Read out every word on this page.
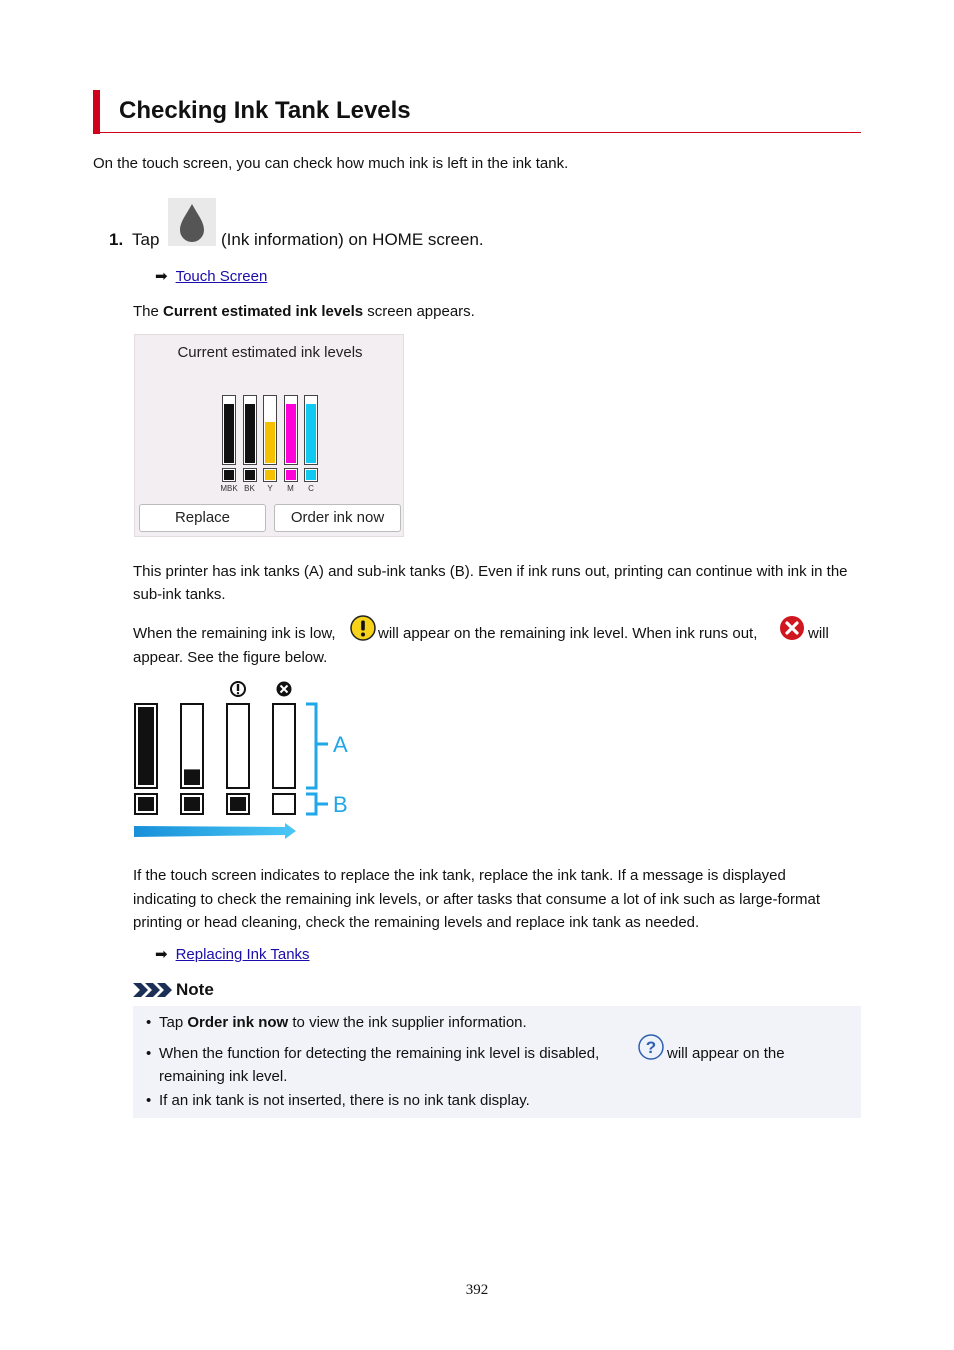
Checking Ink Tank Levels
On the touch screen, you can check how much ink is left in the ink tank.
1. Tap	(Ink information) on HOME screen.
➡ Touch Screen
The Current estimated ink levels screen appears.
Current estimated ink levels
MBK BK	Y	M	C
Replace	Order ink now
This printer has ink tanks (A) and sub-ink tanks (B). Even if ink runs out, printing can continue with ink in the sub-ink tanks.
When the remaining ink is low,	will appear on the remaining ink level. When ink runs out,	will
appear. See the figure below.
A
B
If the touch screen indicates to replace the ink tank, replace the ink tank. If a message is displayed
indicating to check the remaining ink levels, or after tasks that consume a lot of ink such as large-format
printing or head cleaning, check the remaining levels and replace ink tank as needed.
➡ Replacing Ink Tanks
Note
• Tap Order ink now to view the ink supplier information.
• When the function for detecting the remaining ink level is disabled,	? will appear on the
remaining ink level.
• If an ink tank is not inserted, there is no ink tank display.
392
